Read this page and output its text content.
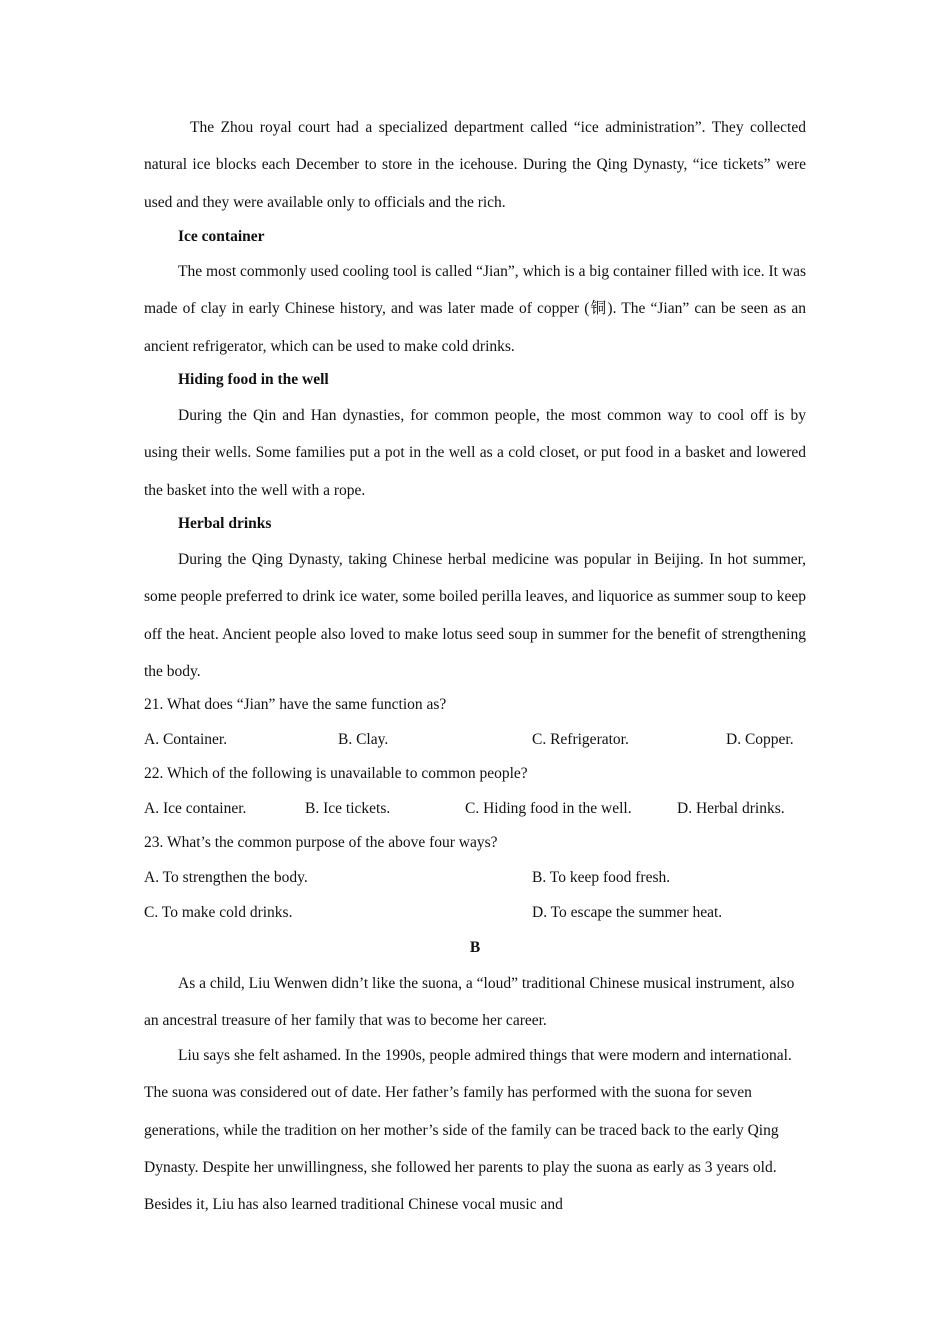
The Zhou royal court had a specialized department called “ice administration”. They collected natural ice blocks each December to store in the icehouse. During the Qing Dynasty, “ice tickets” were used and they were available only to officials and the rich.

Ice container

The most commonly used cooling tool is called “Jian”, which is a big container filled with ice. It was made of clay in early Chinese history, and was later made of copper (铜). The “Jian” can be seen as an ancient refrigerator, which can be used to make cold drinks.

Hiding food in the well

During the Qin and Han dynasties, for common people, the most common way to cool off is by using their wells. Some families put a pot in the well as a cold closet, or put food in a basket and lowered the basket into the well with a rope.

Herbal drinks

During the Qing Dynasty, taking Chinese herbal medicine was popular in Beijing. In hot summer, some people preferred to drink ice water, some boiled perilla leaves, and liquorice as summer soup to keep off the heat. Ancient people also loved to make lotus seed soup in summer for the benefit of strengthening the body.

21. What does “Jian” have the same function as?

A. Container.	B. Clay.	C. Refrigerator.	D. Copper.

22. Which of the following is unavailable to common people?

A. Ice container.	B. Ice tickets.	C. Hiding food in the well.	D. Herbal drinks.

23. What’s the common purpose of the above four ways?

A. To strengthen the body.	B. To keep food fresh.
C. To make cold drinks.	D. To escape the summer heat.
B

As a child, Liu Wenwen didn’t like the suona, a “loud” traditional Chinese musical instrument, also an ancestral treasure of her family that was to become her career.

Liu says she felt ashamed. In the 1990s, people admired things that were modern and international. The suona was considered out of date. Her father’s family has performed with the suona for seven generations, while the tradition on her mother’s side of the family can be traced back to the early Qing Dynasty. Despite her unwillingness, she followed her parents to play the suona as early as 3 years old. Besides it, Liu has also learned traditional Chinese vocal music and
